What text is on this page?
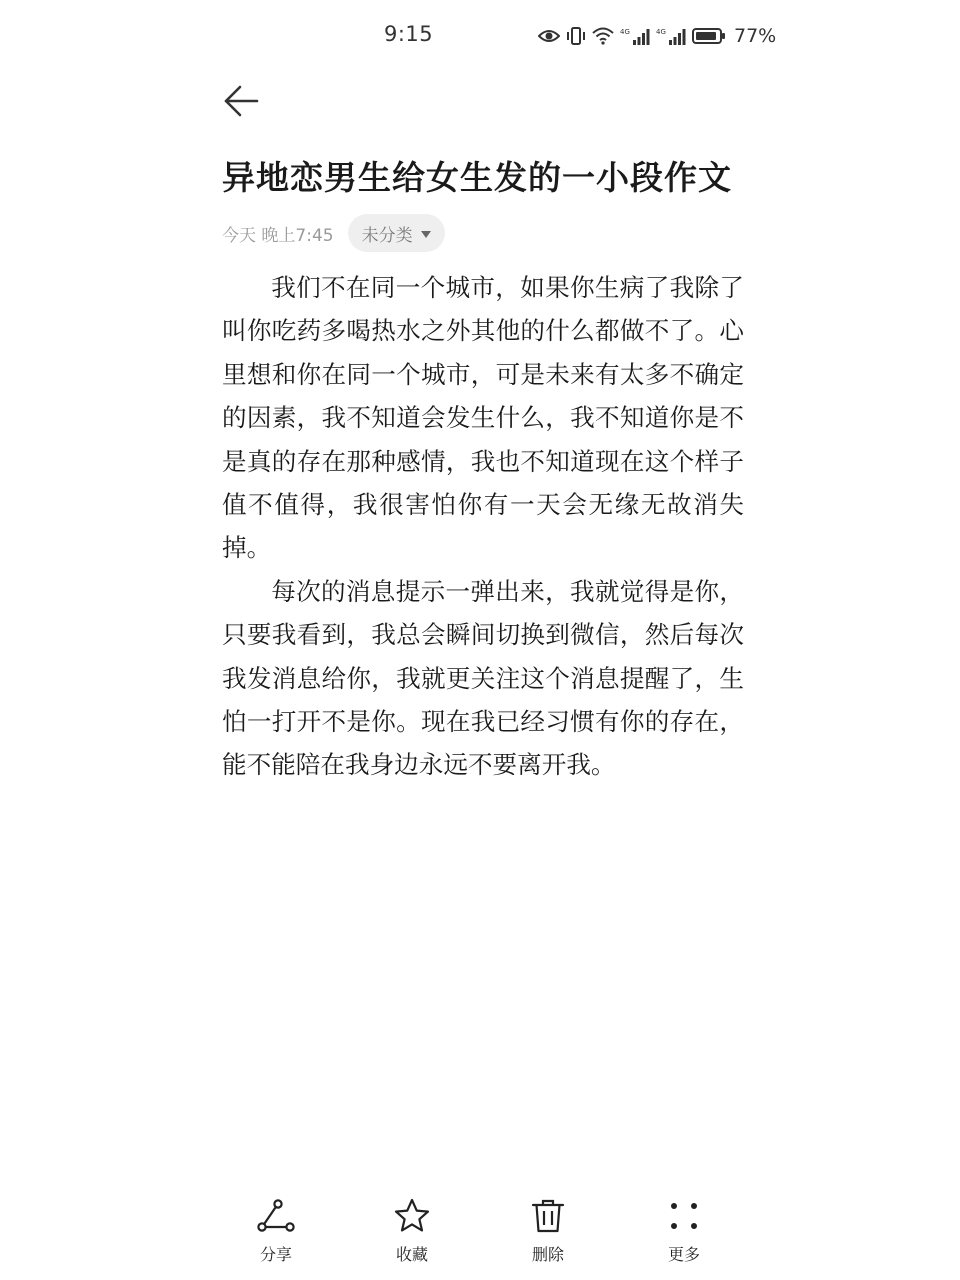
9:15	4G	4G	77%
异地恋男生给女生发的一小段作文
今天 晚上7:45 未分类

我们不在同一个城市，如果你生病了我除了叫你吃药多喝热水之外其他的什么都做不了。心里想和你在同一个城市，可是未来有太多不确定的因素，我不知道会发生什么，我不知道你是不是真的存在那种感情，我也不知道现在这个样子值不值得，我很害怕你有一天会无缘无故消失掉。

每次的消息提示一弹出来，我就觉得是你，只要我看到，我总会瞬间切换到微信，然后每次我发消息给你，我就更关注这个消息提醒了，生怕一打开不是你。现在我已经习惯有你的存在，能不能陪在我身边永远不要离开我。

分享	收藏	删除	更多
